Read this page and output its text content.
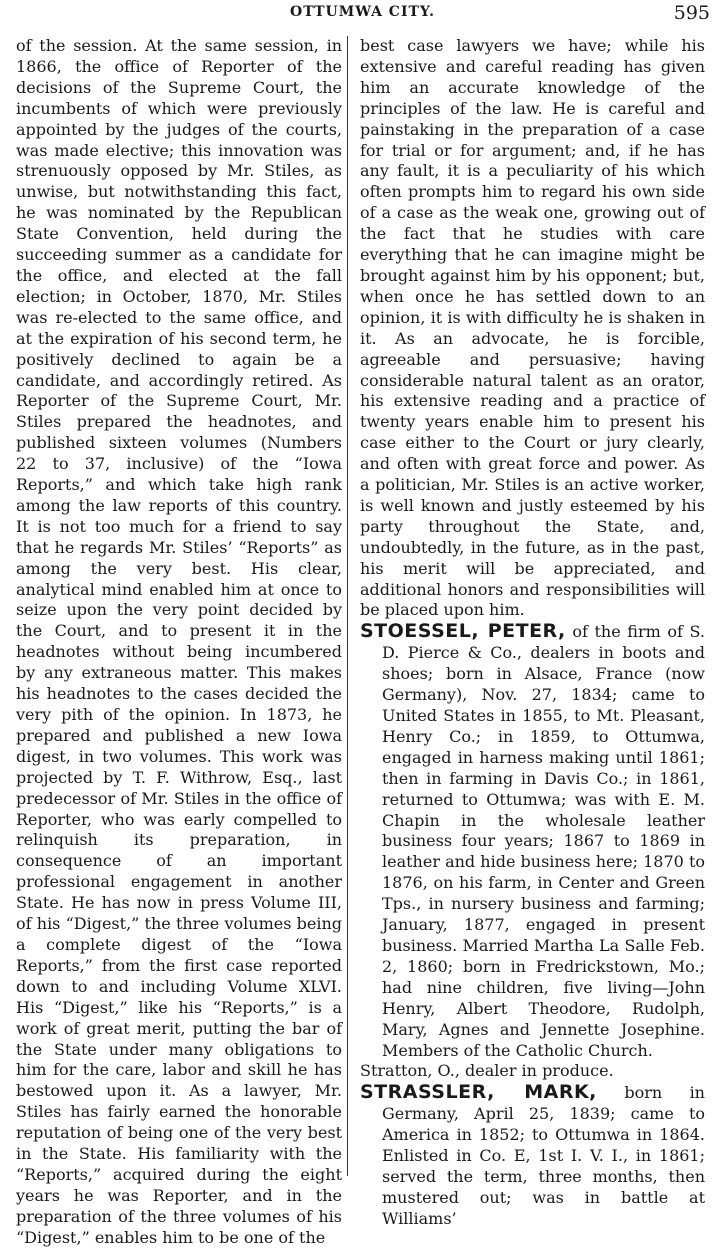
OTTUMWA CITY.	595

of the session. At the same session, in 1866, the office of Reporter of the decisions of the Supreme Court, the incumbents of which were previously appointed by the judges of the courts, was made elective; this innovation was strenuously opposed by Mr. Stiles, as unwise, but notwithstanding this fact, he was nominated by the Republican State Convention, held during the succeeding summer as a candidate for the office, and elected at the fall election; in October, 1870, Mr. Stiles was re-elected to the same office, and at the expiration of his second term, he positively declined to again be a candidate, and accordingly retired. As Reporter of the Supreme Court, Mr. Stiles prepared the headnotes, and published sixteen volumes (Numbers 22 to 37, inclusive) of the “Iowa Reports,” and which take high rank among the law reports of this country. It is not too much for a friend to say that he regards Mr. Stiles’ “Reports” as among the very best. His clear, analytical mind enabled him at once to seize upon the very point decided by the Court, and to present it in the headnotes without being incumbered by any extraneous matter. This makes his headnotes to the cases decided the very pith of the opinion. In 1873, he prepared and published a new Iowa digest, in two volumes. This work was projected by T. F. Withrow, Esq., last predecessor of Mr. Stiles in the office of Reporter, who was early compelled to relinquish its preparation, in consequence of an important professional engagement in another State. He has now in press Volume III, of his “Digest,” the three volumes being a complete digest of the “Iowa Reports,” from the first case reported down to and including Volume XLVI. His “Digest,” like his “Reports,” is a work of great merit, putting the bar of the State under many obligations to him for the care, labor and skill he has bestowed upon it. As a lawyer, Mr. Stiles has fairly earned the honorable reputation of being one of the very best in the State. His familiarity with the “Reports,” acquired during the eight years he was Reporter, and in the preparation of the three volumes of his “Digest,” enables him to be one of the

best case lawyers we have; while his extensive and careful reading has given him an accurate knowledge of the principles of the law. He is careful and painstaking in the preparation of a case for trial or for argument; and, if he has any fault, it is a peculiarity of his which often prompts him to regard his own side of a case as the weak one, growing out of the fact that he studies with care everything that he can imagine might be brought against him by his opponent; but, when once he has settled down to an opinion, it is with difficulty he is shaken in it. As an advocate, he is forcible, agreeable and persuasive; having considerable natural talent as an orator, his extensive reading and a practice of twenty years enable him to present his case either to the Court or jury clearly, and often with great force and power. As a politician, Mr. Stiles is an active worker, is well known and justly esteemed by his party throughout the State, and, undoubtedly, in the future, as in the past, his merit will be appreciated, and additional honors and responsibilities will be placed upon him.

STOESSEL, PETER, of the firm of S. D. Pierce & Co., dealers in boots and shoes; born in Alsace, France (now Germany), Nov. 27, 1834; came to United States in 1855, to Mt. Pleasant, Henry Co.; in 1859, to Ottumwa, engaged in harness making until 1861; then in farming in Davis Co.; in 1861, returned to Ottumwa; was with E. M. Chapin in the wholesale leather business four years; 1867 to 1869 in leather and hide business here; 1870 to 1876, on his farm, in Center and Green Tps., in nursery business and farming; January, 1877, engaged in present business. Married Martha La Salle Feb. 2, 1860; born in Fredrickstown, Mo.; had nine children, five living—John Henry, Albert Theodore, Rudolph, Mary, Agnes and Jennette Josephine. Members of the Catholic Church.

Stratton, O., dealer in produce.

STRASSLER, MARK, born in Germany, April 25, 1839; came to America in 1852; to Ottumwa in 1864. Enlisted in Co. E, 1st I. V. I., in 1861; served the term, three months, then mustered out; was in battle at Williams’
